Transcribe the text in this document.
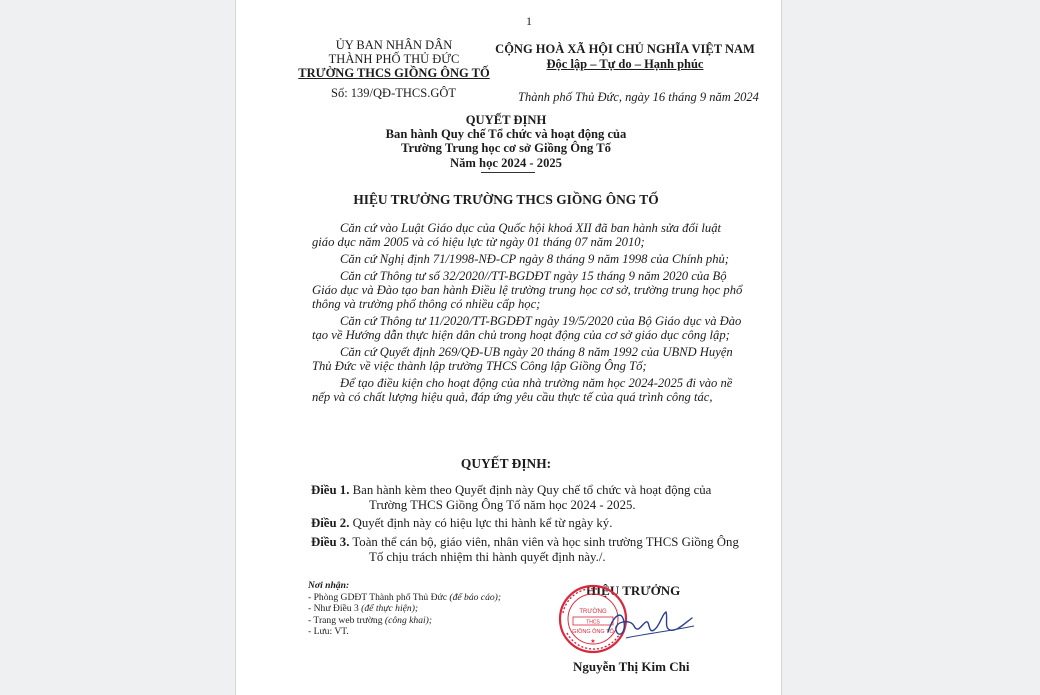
1
ỦY BAN NHÂN DÂN
THÀNH PHỐ THỦ ĐỨC
TRƯỜNG THCS GIỒNG ÔNG TỐ
Số: 139/QĐ-THCS.GÔT
CỘNG HOÀ XÃ HỘI CHỦ NGHĨA VIỆT NAM
Độc lập – Tự do – Hạnh phúc
Thành phố Thủ Đức, ngày 16 tháng 9 năm 2024
QUYẾT ĐỊNH
Ban hành Quy chế Tổ chức và hoạt động của
Trường Trung học cơ sở Giồng Ông Tố
Năm học 2024 - 2025
HIỆU TRƯỞNG TRƯỜNG THCS GIỒNG ÔNG TỐ

Căn cứ vào Luật Giáo dục của Quốc hội khoá XII đã ban hành sửa đổi luật giáo dục năm 2005 và có hiệu lực từ ngày 01 tháng 07 năm 2010;

Căn cứ Nghị định 71/1998-NĐ-CP ngày 8 tháng 9 năm 1998 của Chính phủ;

Căn cứ Thông tư số 32/2020//TT-BGDĐT ngày 15 tháng 9 năm 2020 của Bộ Giáo dục và Đào tạo ban hành Điều lệ trường trung học cơ sở, trường trung học phổ thông và trường phổ thông có nhiều cấp học;

Căn cứ Thông tư 11/2020/TT-BGDĐT ngày 19/5/2020 của Bộ Giáo dục và Đào tạo về Hướng dẫn thực hiện dân chủ trong hoạt động của cơ sở giáo dục công lập;

Căn cứ Quyết định 269/QĐ-UB ngày 20 tháng 8 năm 1992 của UBND Huyện Thủ Đức về việc thành lập trường THCS Công lập Giồng Ông Tố;

Để tạo điều kiện cho hoạt động của nhà trường năm học 2024-2025 đi vào nề nếp và có chất lượng hiệu quả, đáp ứng yêu cầu thực tế của quá trình công tác,

QUYẾT ĐỊNH:
Điều 1. Ban hành kèm theo Quyết định này Quy chế tổ chức và hoạt động của Trường THCS Giồng Ông Tố năm học 2024 - 2025.
Điều 2. Quyết định này có hiệu lực thi hành kể từ ngày ký.
Điều 3. Toàn thể cán bộ, giáo viên, nhân viên và học sinh trường THCS Giồng Ông Tố chịu trách nhiệm thi hành quyết định này./.
Nơi nhận:
- Phòng GDĐT Thành phố Thủ Đức (để báo cáo);
- Như Điều 3 (để thực hiện);
- Trang web trường (công khai);
- Lưu: VT.
HIỆU TRƯỞNG
TRƯỜNG
THCS
GIỒNG ÔNG TỐ
★
Nguyễn Thị Kim Chi
